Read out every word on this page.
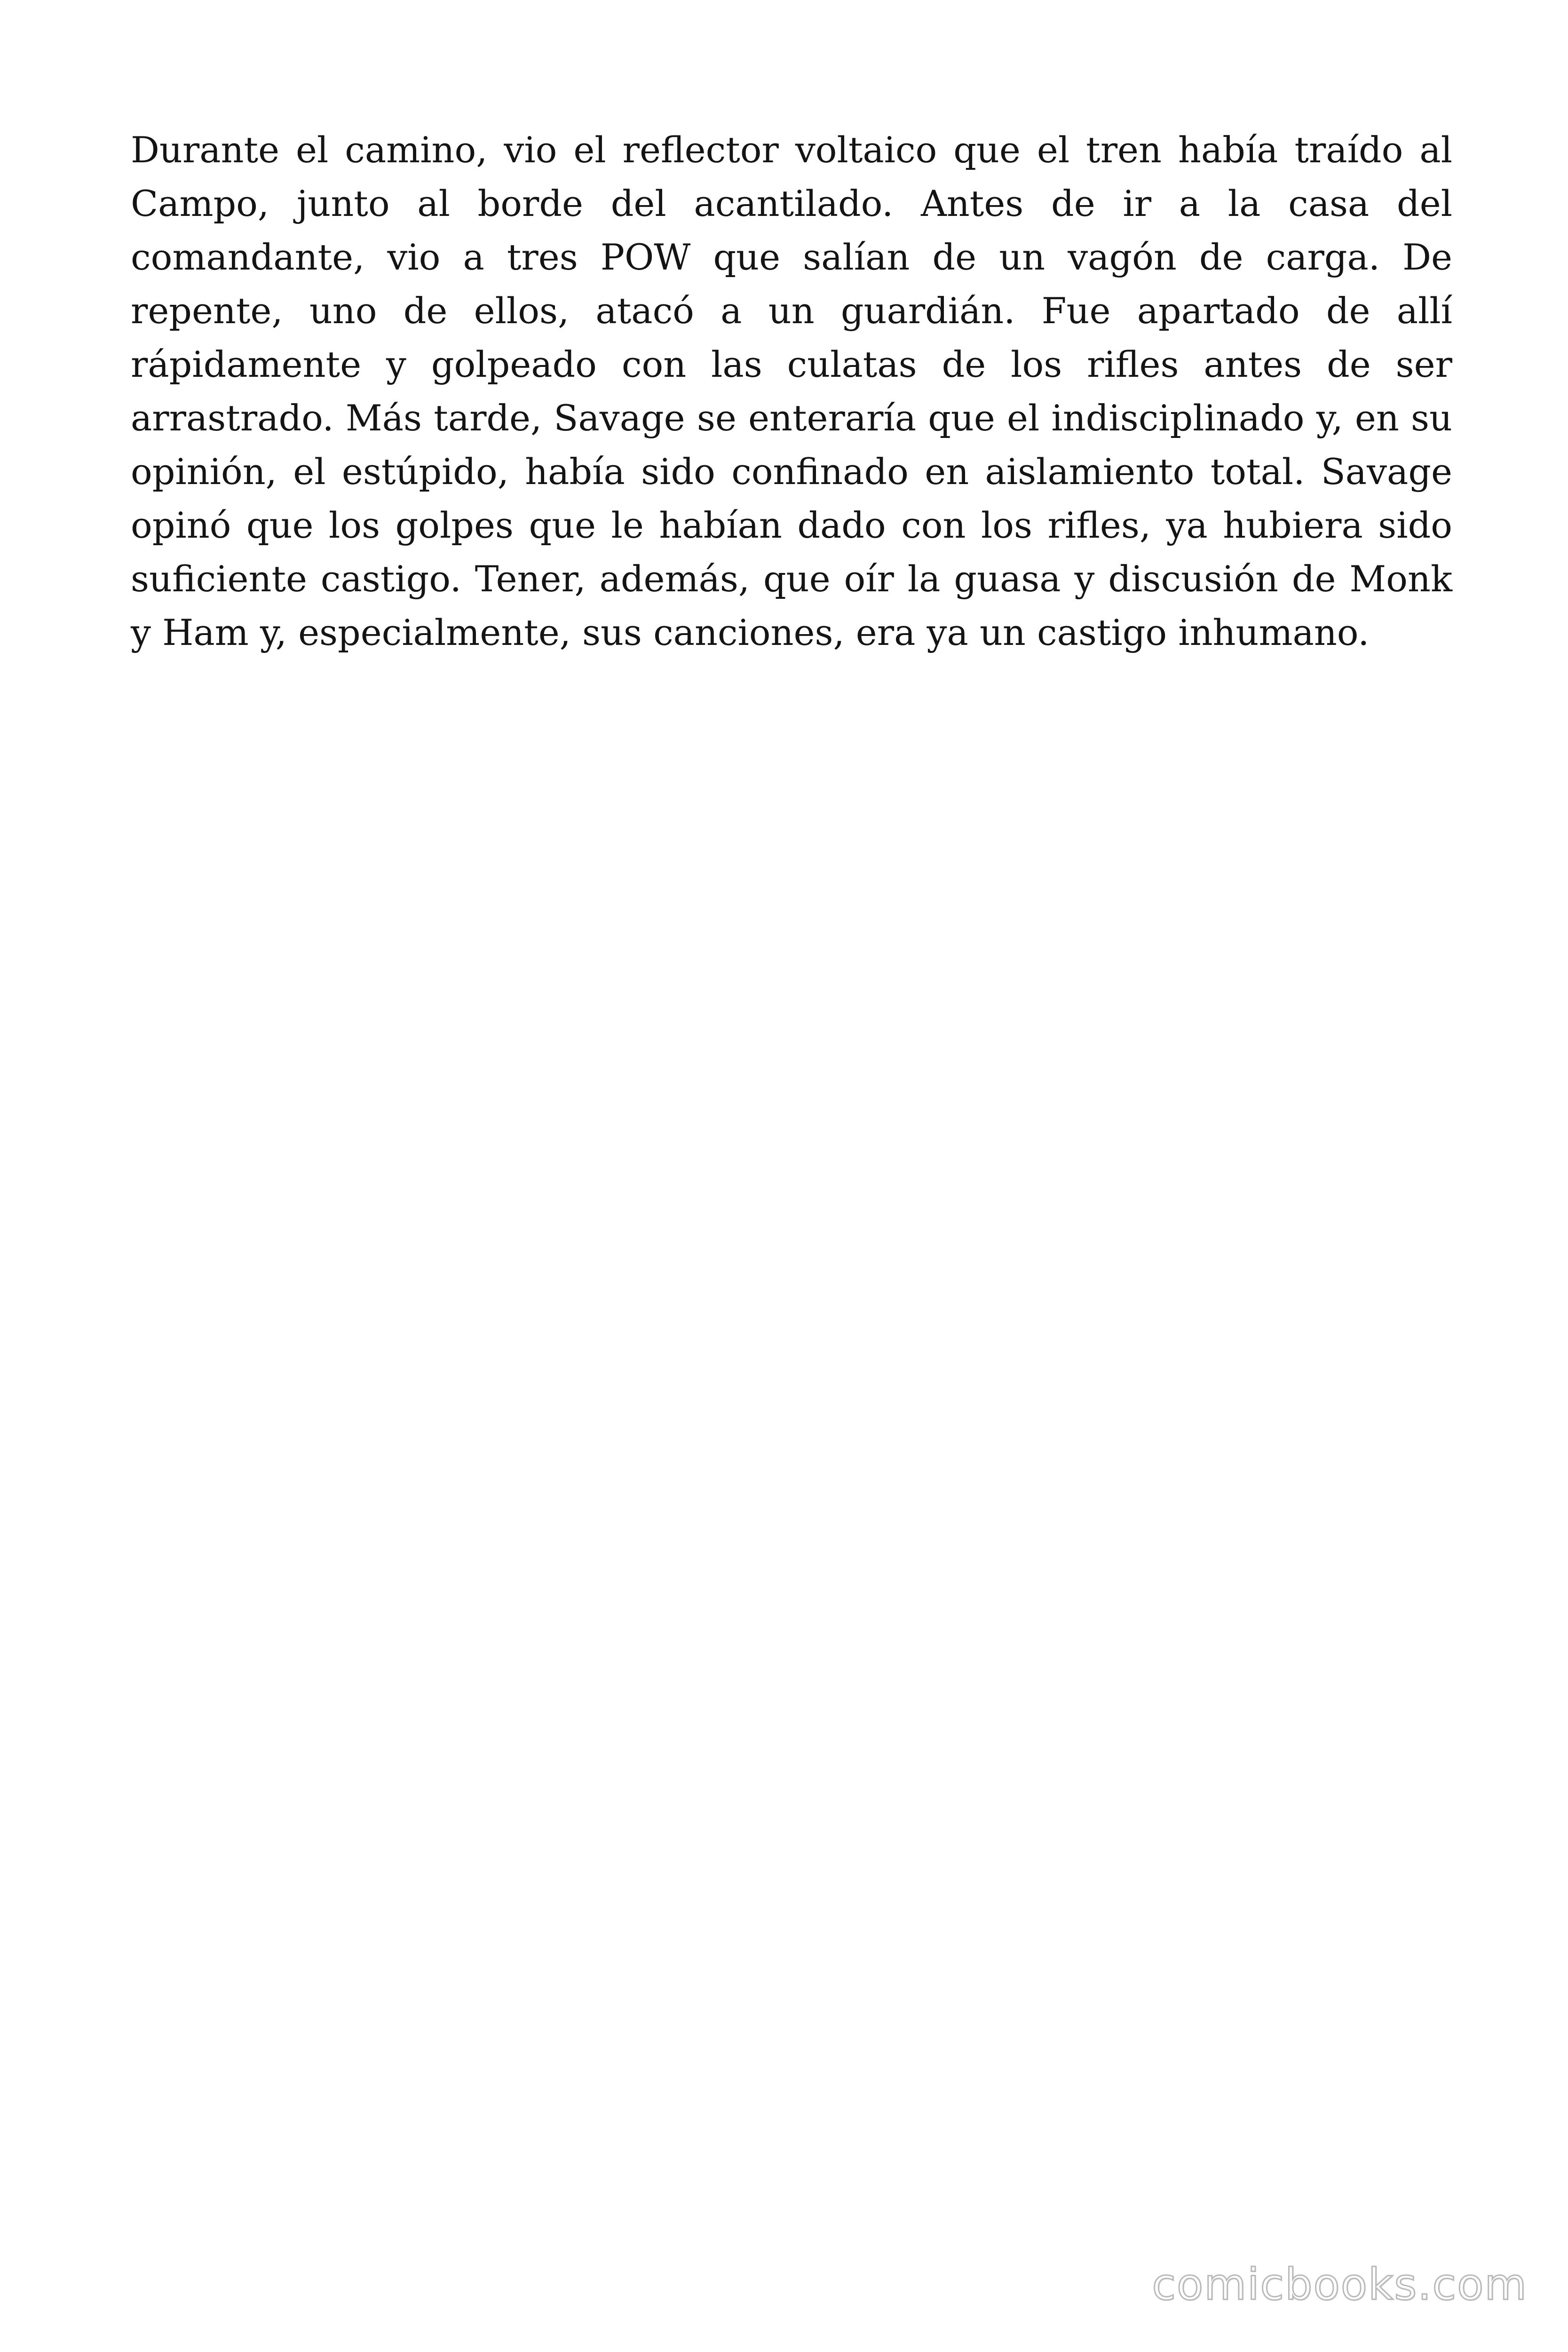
Durante el camino, vio el reflector voltaico que el tren había traído al Campo, junto al borde del acantilado. Antes de ir a la casa del comandante, vio a tres POW que salían de un vagón de carga. De repente, uno de ellos, atacó a un guardián. Fue apartado de allí rápidamente y golpeado con las culatas de los rifles antes de ser arrastrado. Más tarde, Savage se enteraría que el indisciplinado y, en su opinión, el estúpido, había sido confinado en aislamiento total. Savage opinó que los golpes que le habían dado con los rifles, ya hubiera sido suficiente castigo. Tener, además, que oír la guasa y discusión de Monk y Ham y, especialmente, sus canciones, era ya un castigo inhumano.

comicbooks.com
